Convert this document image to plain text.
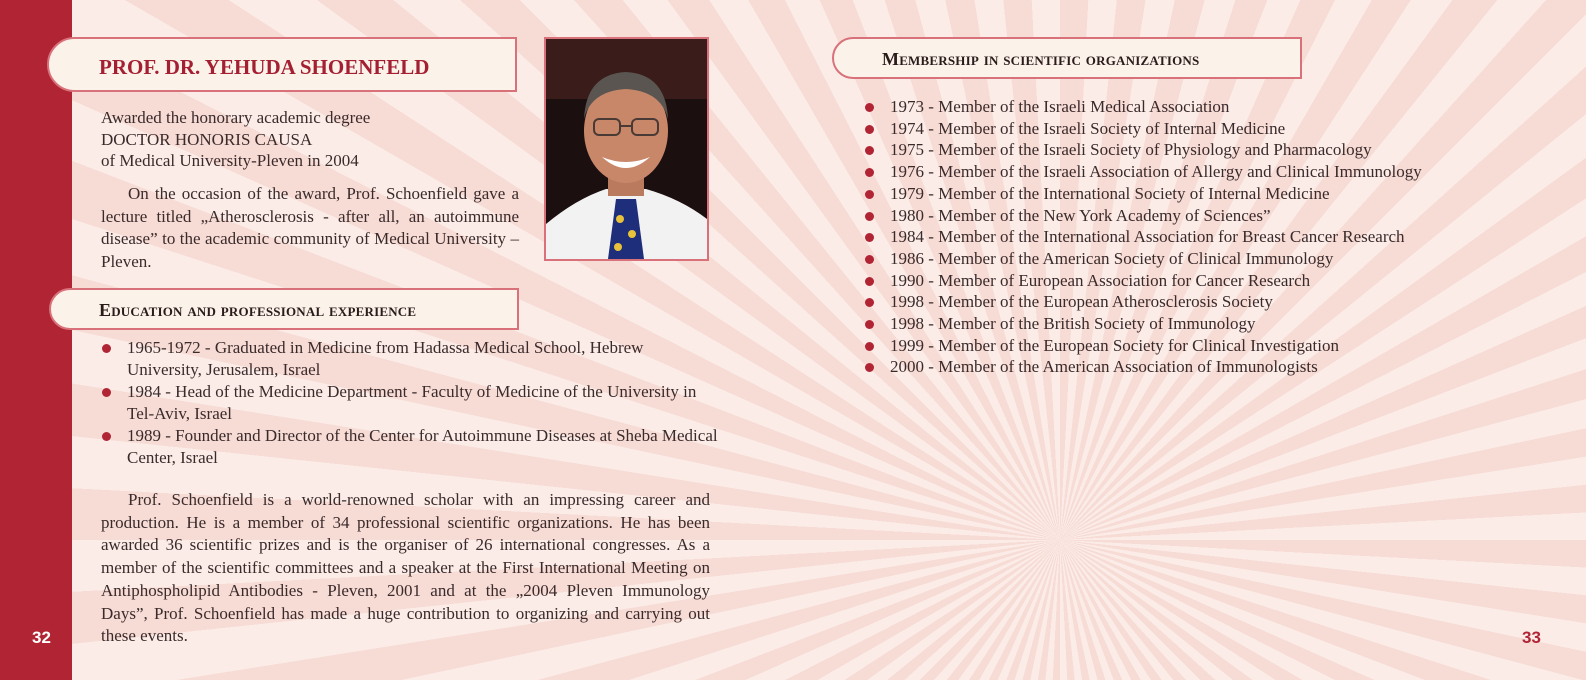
32	33
PROF. DR. YEHUDA SHOENFELD
Awarded the honorary academic degree
DOCTOR HONORIS CAUSA
of Medical University-Pleven in 2004
On the occasion of the award, Prof. Schoenfield gave a lecture titled „Atherosclerosis - after all, an autoimmune disease” to the academic community of Medical University – Pleven.
Education and professional experience
1965-1972 - Graduated in Medicine from Hadassa Medical School, Hebrew University, Jerusalem, Israel
1984 - Head of the Medicine Department - Faculty of Medicine of the University in Tel-Aviv, Israel
1989 - Founder and Director of the Center for Autoimmune Diseases at Sheba Medical Center, Israel
Prof. Schoenfield is a world-renowned scholar with an impressing career and production. He is a member of 34 professional scientific organizations. He has been awarded 36 scientific prizes and is the organiser of 26 international congresses. As a member of the scientific committees and a speaker at the First International Meeting on Antiphospholipid Antibodies - Pleven, 2001 and at the „2004 Pleven Immunology Days”, Prof. Schoenfield has made a huge contribution to organizing and carrying out these events.
Membership in scientific organizations
1973 - Member of the Israeli Medical Association
1974 - Member of the Israeli Society of Internal Medicine
1975 - Member of the Israeli Society of Physiology and Pharmacology
1976 - Member of the Israeli Association of Allergy and Clinical Immunology
1979 - Member of the International Society of Internal Medicine
1980 - Member of the New York Academy of Sciences”
1984 - Member of the International Association for Breast Cancer Research
1986 - Member of the American Society of Clinical Immunology
1990 - Member of European Association for Cancer Research
1998 - Member of the European Atherosclerosis Society
1998 - Member of the British Society of Immunology
1999 - Member of the European Society for Clinical Investigation
2000 - Member of the American Association of Immunologists
